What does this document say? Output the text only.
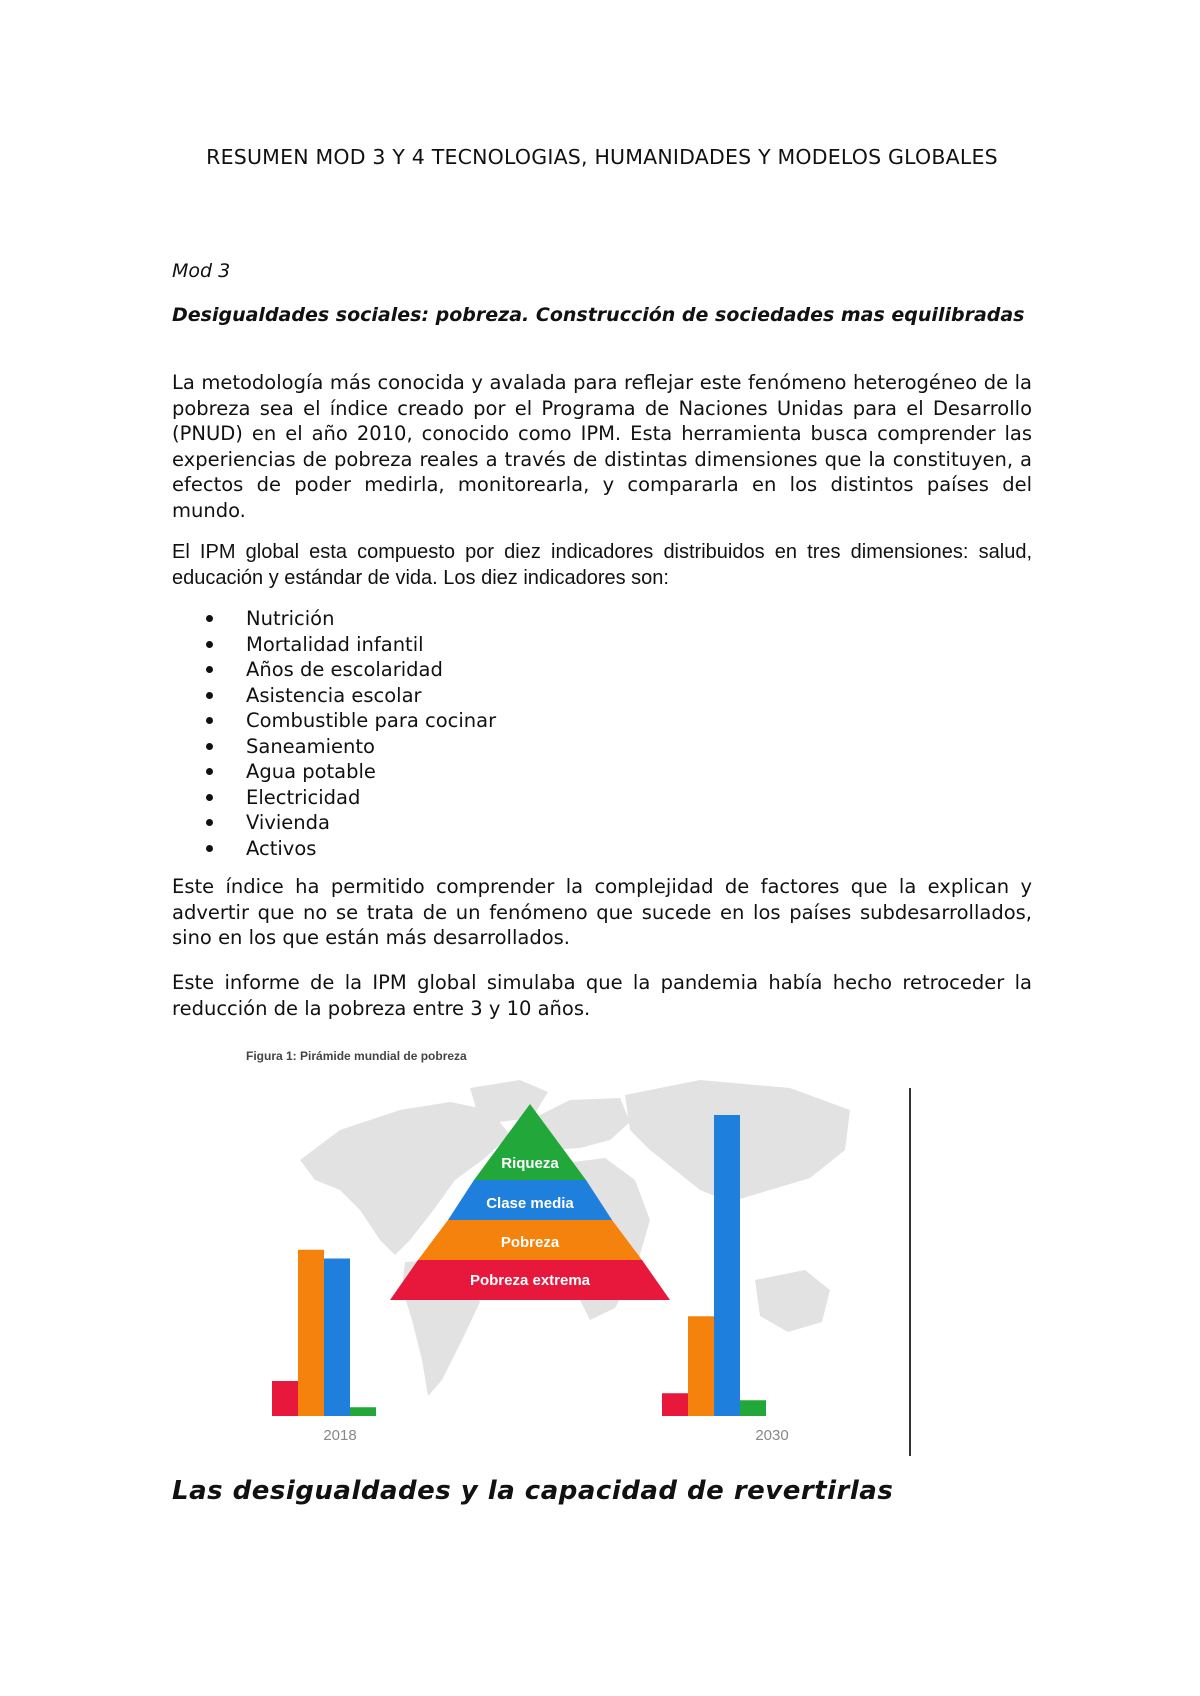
RESUMEN MOD 3 Y 4 TECNOLOGIAS, HUMANIDADES Y MODELOS GLOBALES
Mod 3
Desigualdades sociales: pobreza. Construcción de sociedades mas equilibradas

La metodología más conocida y avalada para reflejar este fenómeno heterogéneo de la pobreza sea el índice creado por el Programa de Naciones Unidas para el Desarrollo (PNUD) en el año 2010, conocido como IPM. Esta herramienta busca comprender las experiencias de pobreza reales a través de distintas dimensiones que la constituyen, a efectos de poder medirla, monitorearla, y compararla en los distintos países del mundo.

El IPM global esta compuesto por diez indicadores distribuidos en tres dimensiones: salud, educación y estándar de vida. Los diez indicadores son:

Nutrición
Mortalidad infantil
Años de escolaridad
Asistencia escolar
Combustible para cocinar
Saneamiento
Agua potable
Electricidad
Vivienda
Activos

Este índice ha permitido comprender la complejidad de factores que la explican y advertir que no se trata de un fenómeno que sucede en los países subdesarrollados, sino en los que están más desarrollados.

Este informe de la IPM global simulaba que la pandemia había hecho retroceder la reducción de la pobreza entre 3 y 10 años.

Figura 1: Pirámide mundial de pobreza
Riqueza
Clase media
Pobreza
Pobreza extrema
2018	2030
Las desigualdades y la capacidad de revertirlas
